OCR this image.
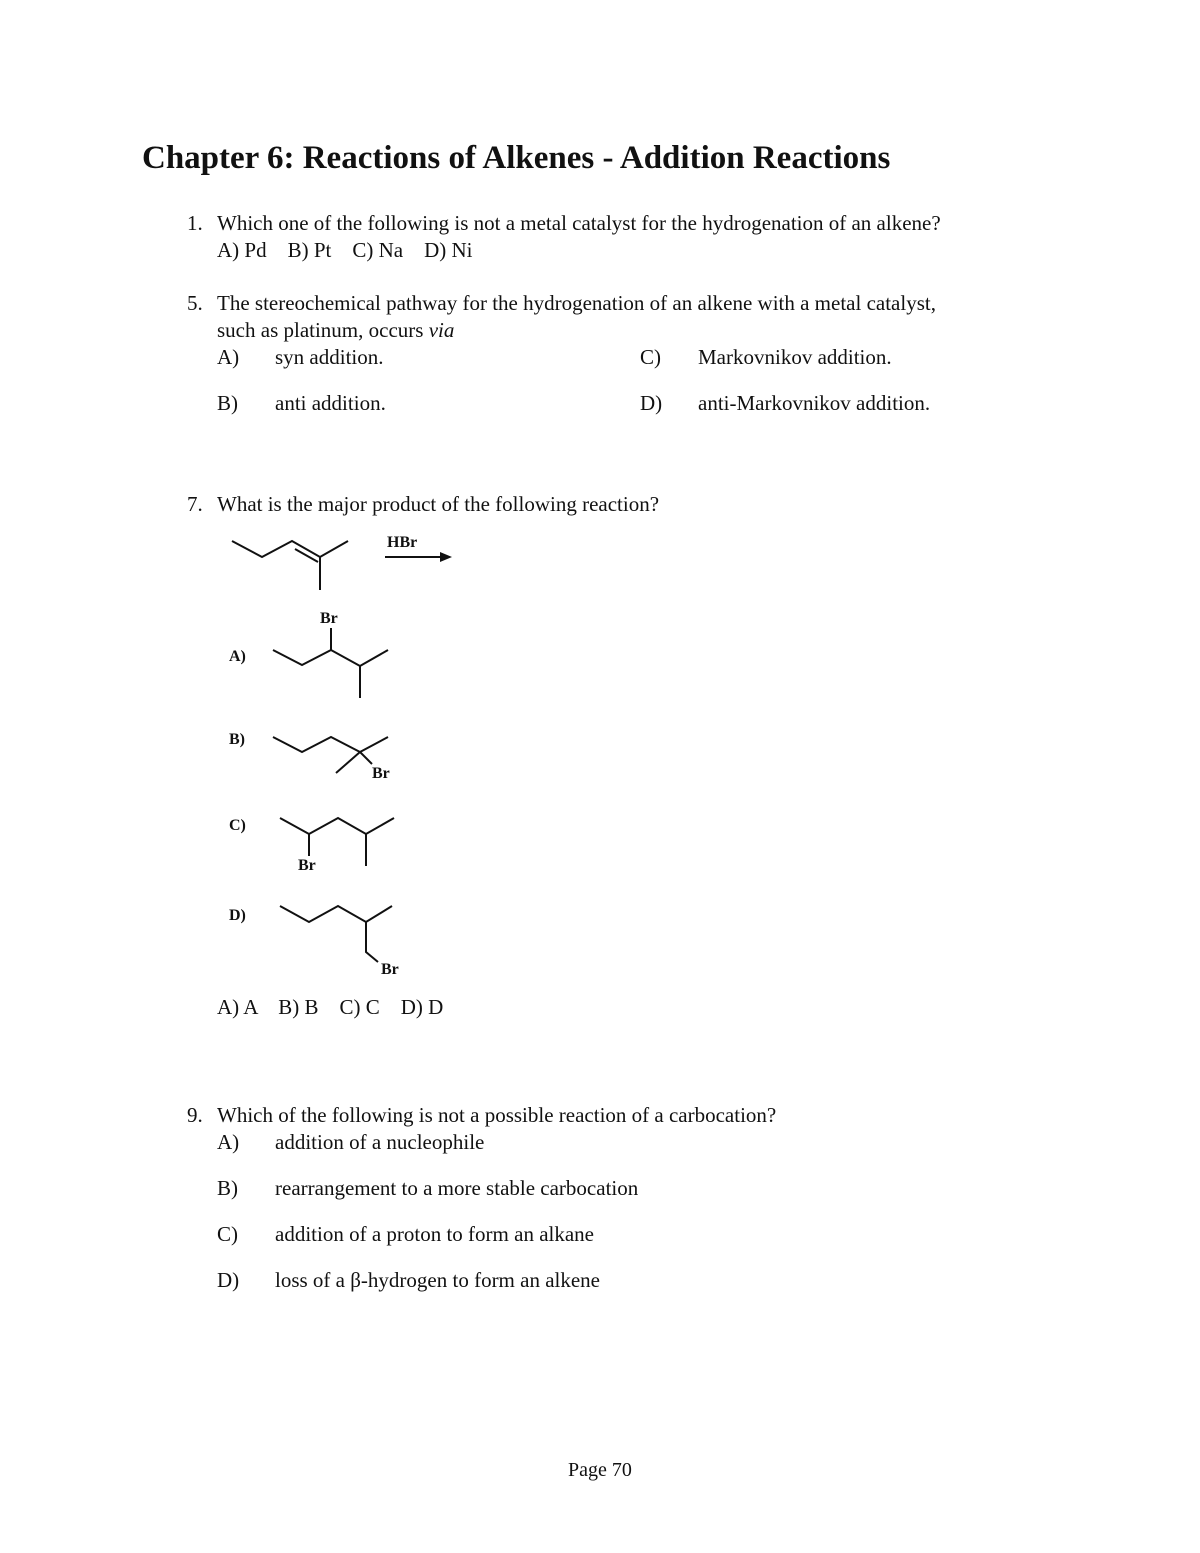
Chapter 6: Reactions of Alkenes - Addition Reactions
1. Which one of the following is not a metal catalyst for the hydrogenation of an alkene?
A) Pd    B) Pt    C) Na    D) Ni
5. The stereochemical pathway for the hydrogenation of an alkene with a metal catalyst,
such as platinum, occurs via
A) syn addition.
B) anti addition.
C) Markovnikov addition.
D) anti-Markovnikov addition.
7. What is the major product of the following reaction?
HBr
A)
Br
B)
Br
C)
Br
D)
Br
A) A    B) B    C) C    D) D
9. Which of the following is not a possible reaction of a carbocation?
A) addition of a nucleophile
B) rearrangement to a more stable carbocation
C) addition of a proton to form an alkane
D) loss of a β-hydrogen to form an alkene
Page 70
